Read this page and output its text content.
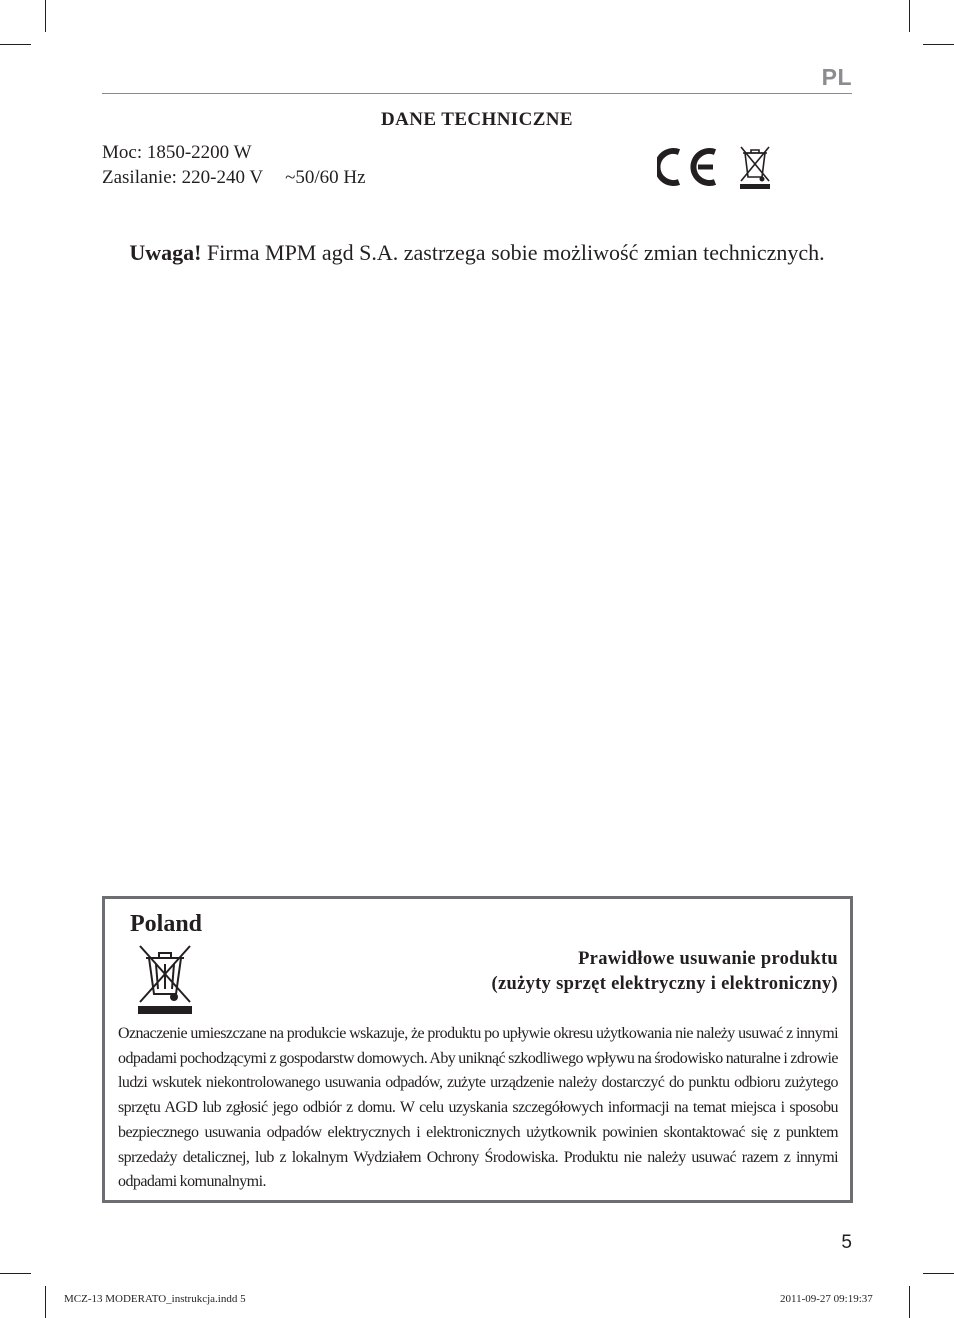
PL
DANE TECHNICZNE
Moc: 1850-2200 W
Zasilanie: 220-240 V ~50/60 Hz
Uwaga! Firma MPM agd S.A. zastrzega sobie możliwość zmian technicznych.
Poland
Prawidłowe usuwanie produktu
(zużyty sprzęt elektryczny i elektroniczny)
Oznaczenie umieszczane na produkcie wskazuje, że produktu po upływie okresu użytkowania nie należy usuwać z innymi odpadami pochodzącymi z gospodarstw domowych. Aby uniknąć szkodliwego wpływu na środowisko naturalne i zdrowie ludzi wskutek niekontrolowanego usuwania odpadów, zużyte urządzenie należy dostarczyć do punktu odbioru zużytego sprzętu AGD lub zgłosić jego odbiór z domu. W celu uzyskania szczegółowych informacji na temat miejsca i sposobu bezpiecznego usuwania odpadów elektrycznych i elektronicznych użytkownik powinien skontaktować się z punktem sprzedaży detalicznej, lub z lokalnym Wydziałem Ochrony Środowiska. Produktu nie należy usuwać razem z innymi odpadami komunalnymi.
5
MCZ-13 MODERATO_instrukcja.indd 5	2011-09-27 09:19:37
